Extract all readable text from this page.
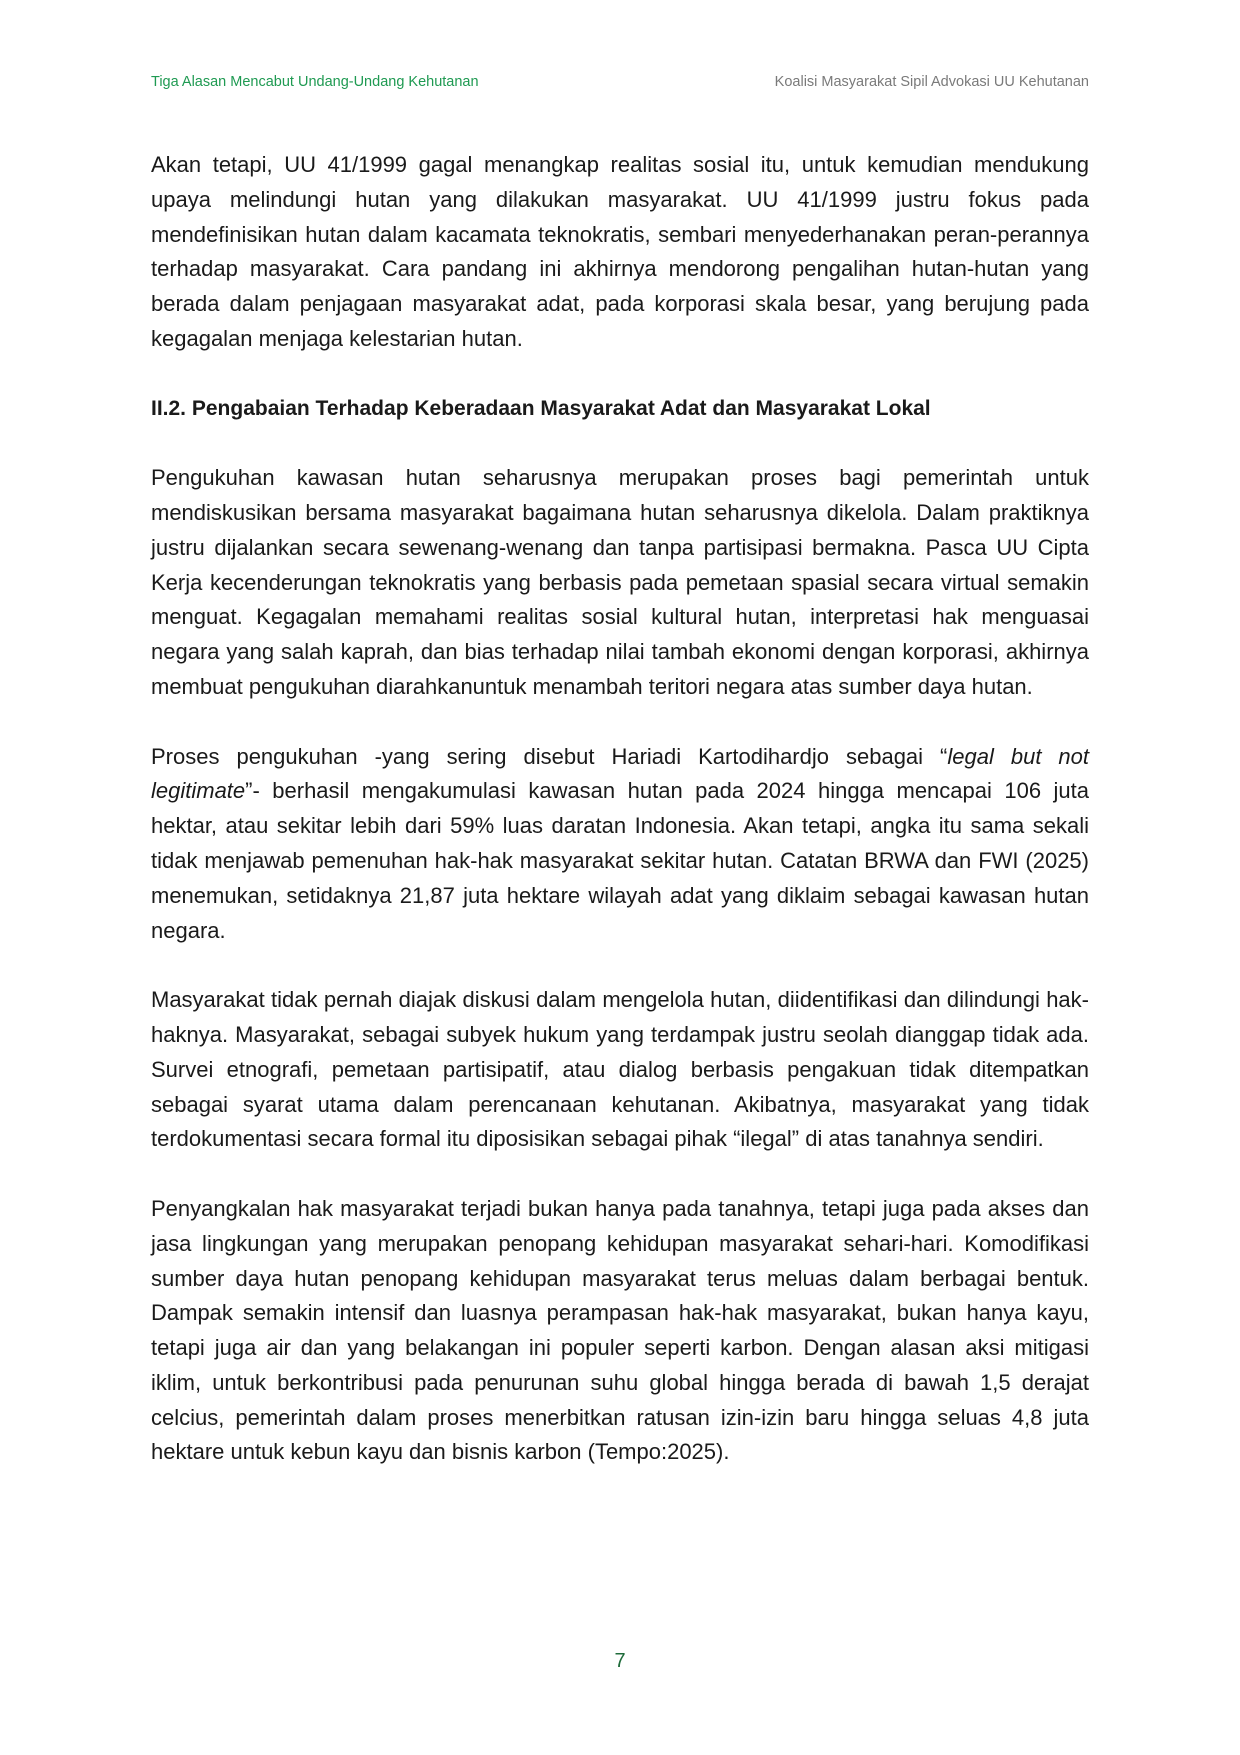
Tiga Alasan Mencabut Undang-Undang Kehutanan	Koalisi Masyarakat Sipil Advokasi UU Kehutanan

Akan tetapi, UU 41/1999 gagal menangkap realitas sosial itu, untuk kemudian mendukung upaya melindungi hutan yang dilakukan masyarakat. UU 41/1999 justru fokus pada mendefinisikan hutan dalam kacamata teknokratis, sembari menyederhanakan peran-perannya terhadap masyarakat. Cara pandang ini akhirnya mendorong pengalihan hutan-hutan yang berada dalam penjagaan masyarakat adat, pada korporasi skala besar, yang berujung pada kegagalan menjaga kelestarian hutan.

II.2. Pengabaian Terhadap Keberadaan Masyarakat Adat dan Masyarakat Lokal

Pengukuhan kawasan hutan seharusnya merupakan proses bagi pemerintah untuk mendiskusikan bersama masyarakat bagaimana hutan seharusnya dikelola. Dalam praktiknya justru dijalankan secara sewenang-wenang dan tanpa partisipasi bermakna. Pasca UU Cipta Kerja kecenderungan teknokratis yang berbasis pada pemetaan spasial secara virtual semakin menguat. Kegagalan memahami realitas sosial kultural hutan, interpretasi hak menguasai negara yang salah kaprah, dan bias terhadap nilai tambah ekonomi dengan korporasi, akhirnya membuat pengukuhan diarahkanuntuk menambah teritori negara atas sumber daya hutan.

Proses pengukuhan -yang sering disebut Hariadi Kartodihardjo sebagai “legal but not legitimate”- berhasil mengakumulasi kawasan hutan pada 2024 hingga mencapai 106 juta hektar, atau sekitar lebih dari 59% luas daratan Indonesia. Akan tetapi, angka itu sama sekali tidak menjawab pemenuhan hak-hak masyarakat sekitar hutan. Catatan BRWA dan FWI (2025) menemukan, setidaknya 21,87 juta hektare wilayah adat yang diklaim sebagai kawasan hutan negara.

Masyarakat tidak pernah diajak diskusi dalam mengelola hutan, diidentifikasi dan dilindungi hak-haknya. Masyarakat, sebagai subyek hukum yang terdampak justru seolah dianggap tidak ada. Survei etnografi, pemetaan partisipatif, atau dialog berbasis pengakuan tidak ditempatkan sebagai syarat utama dalam perencanaan kehutanan. Akibatnya, masyarakat yang tidak terdokumentasi secara formal itu diposisikan sebagai pihak “ilegal” di atas tanahnya sendiri.

Penyangkalan hak masyarakat terjadi bukan hanya pada tanahnya, tetapi juga pada akses dan jasa lingkungan yang merupakan penopang kehidupan masyarakat sehari-hari. Komodifikasi sumber daya hutan penopang kehidupan masyarakat terus meluas dalam berbagai bentuk. Dampak semakin intensif dan luasnya perampasan hak-hak masyarakat, bukan hanya kayu, tetapi juga air dan yang belakangan ini populer seperti karbon. Dengan alasan aksi mitigasi iklim, untuk berkontribusi pada penurunan suhu global hingga berada di bawah 1,5 derajat celcius, pemerintah dalam proses menerbitkan ratusan izin-izin baru hingga seluas 4,8 juta hektare untuk kebun kayu dan bisnis karbon (Tempo:2025).

7
